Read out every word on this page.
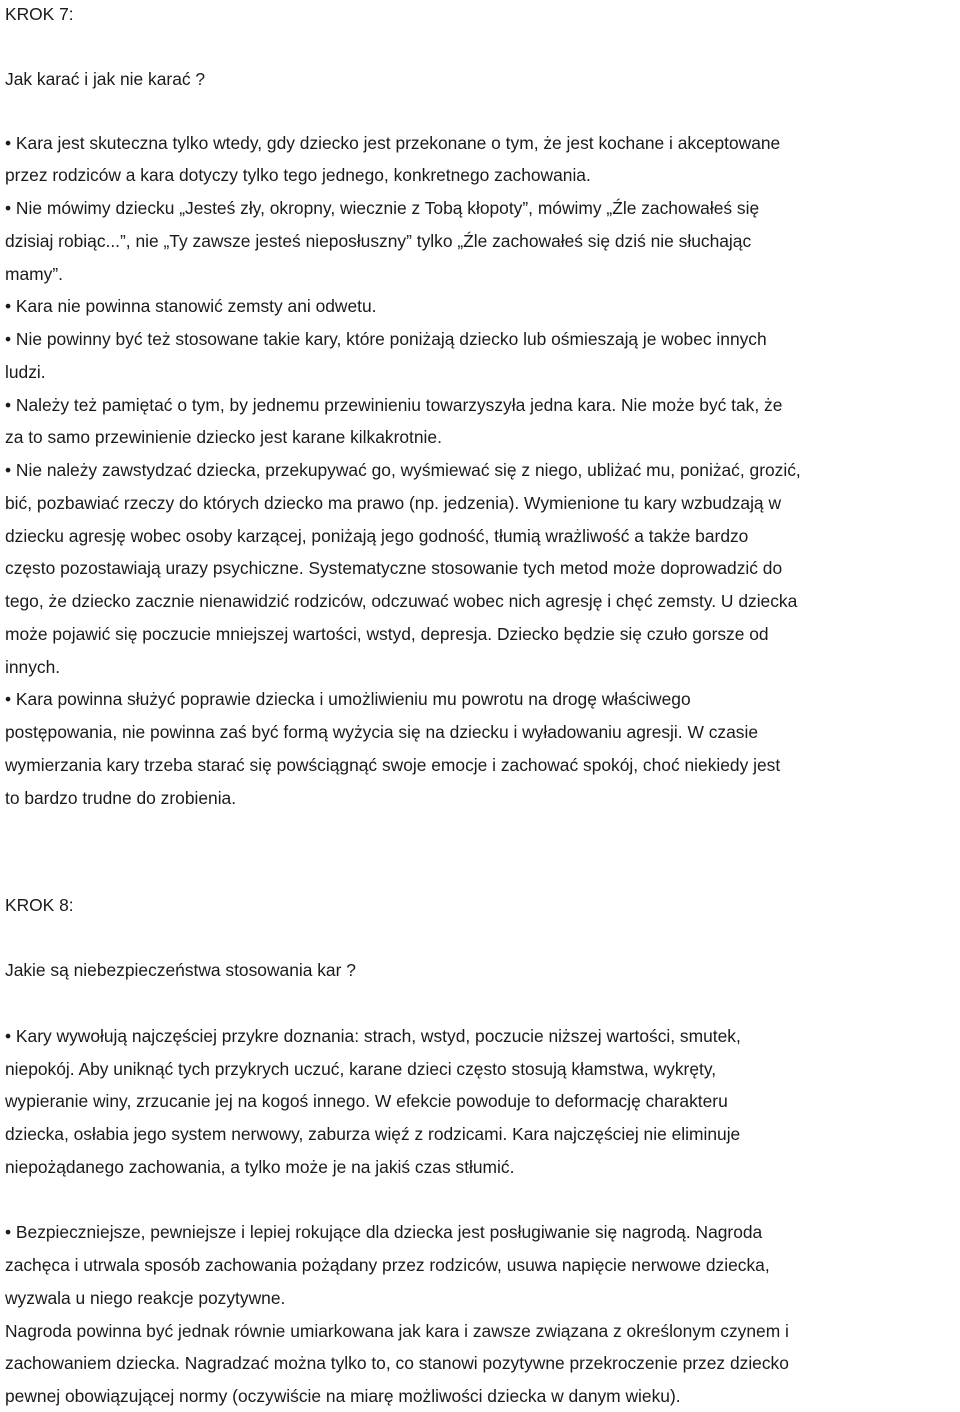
KROK 7:
Jak karać i jak nie karać ?
• Kara jest skuteczna tylko wtedy, gdy dziecko jest przekonane o tym, że jest kochane i akceptowane
przez rodziców a kara dotyczy tylko tego jednego, konkretnego zachowania.
• Nie mówimy dziecku „Jesteś zły, okropny, wiecznie z Tobą kłopoty”, mówimy „Źle zachowałeś się
dzisiaj robiąc...”, nie „Ty zawsze jesteś nieposłuszny” tylko „Źle zachowałeś się dziś nie słuchając
mamy”.
• Kara nie powinna stanowić zemsty ani odwetu.
• Nie powinny być też stosowane takie kary, które poniżają dziecko lub ośmieszają je wobec innych
ludzi.
• Należy też pamiętać o tym, by jednemu przewinieniu towarzyszyła jedna kara. Nie może być tak, że
za to samo przewinienie dziecko jest karane kilkakrotnie.
• Nie należy zawstydzać dziecka, przekupywać go, wyśmiewać się z niego, ubliżać mu, poniżać, grozić,
bić, pozbawiać rzeczy do których dziecko ma prawo (np. jedzenia). Wymienione tu kary wzbudzają w
dziecku agresję wobec osoby karzącej, poniżają jego godność, tłumią wrażliwość a także bardzo
często pozostawiają urazy psychiczne. Systematyczne stosowanie tych metod może doprowadzić do
tego, że dziecko zacznie nienawidzić rodziców, odczuwać wobec nich agresję i chęć zemsty. U dziecka
może pojawić się poczucie mniejszej wartości, wstyd, depresja. Dziecko będzie się czuło gorsze od
innych.
• Kara powinna służyć poprawie dziecka i umożliwieniu mu powrotu na drogę właściwego
postępowania, nie powinna zaś być formą wyżycia się na dziecku i wyładowaniu agresji. W czasie
wymierzania kary trzeba starać się powściągnąć swoje emocje i zachować spokój, choć niekiedy jest
to bardzo trudne do zrobienia.
KROK 8:
Jakie są niebezpieczeństwa stosowania kar ?
• Kary wywołują najczęściej przykre doznania: strach, wstyd, poczucie niższej wartości, smutek,
niepokój. Aby uniknąć tych przykrych uczuć, karane dzieci często stosują kłamstwa, wykręty,
wypieranie winy, zrzucanie jej na kogoś innego. W efekcie powoduje to deformację charakteru
dziecka, osłabia jego system nerwowy, zaburza więź z rodzicami. Kara najczęściej nie eliminuje
niepożądanego zachowania, a tylko może je na jakiś czas stłumić.
• Bezpieczniejsze, pewniejsze i lepiej rokujące dla dziecka jest posługiwanie się nagrodą. Nagroda
zachęca i utrwala sposób zachowania pożądany przez rodziców, usuwa napięcie nerwowe dziecka,
wyzwala u niego reakcje pozytywne.
Nagroda powinna być jednak równie umiarkowana jak kara i zawsze związana z określonym czynem i
zachowaniem dziecka. Nagradzać można tylko to, co stanowi pozytywne przekroczenie przez dziecko
pewnej obowiązującej normy (oczywiście na miarę możliwości dziecka w danym wieku).
